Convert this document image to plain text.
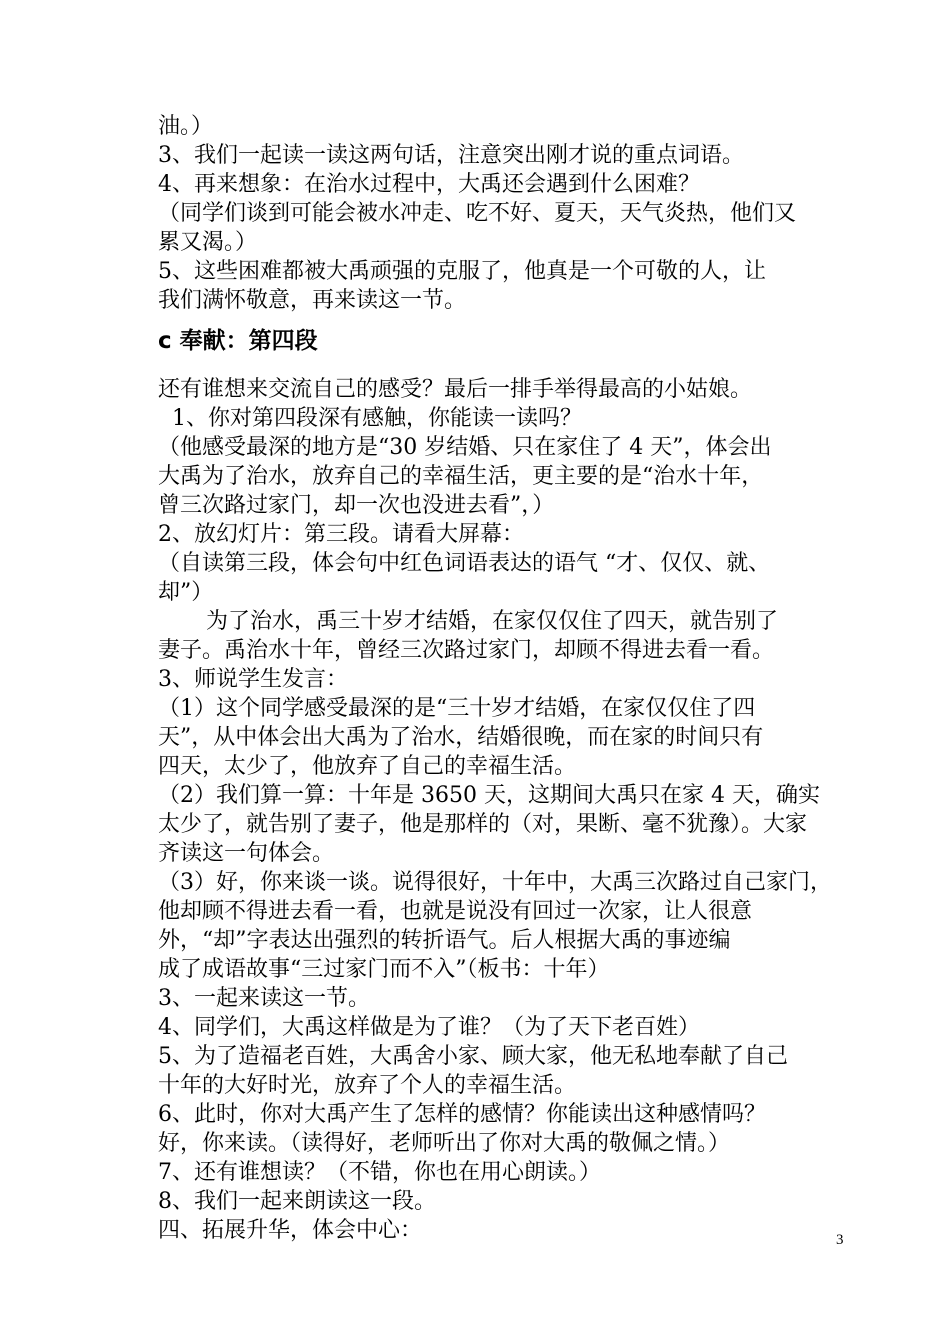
油。）
3、我们一起读一读这两句话，注意突出刚才说的重点词语。
4、再来想象：在治水过程中，大禹还会遇到什么困难？
（同学们谈到可能会被水冲走、吃不好、夏天，天气炎热，他们又
累又渴。）
5、这些困难都被大禹顽强的克服了，他真是一个可敬的人，让
我们满怀敬意，再来读这一节。
c 奉献：第四段
还有谁想来交流自己的感受？最后一排手举得最高的小姑娘。
1、你对第四段深有感触，你能读一读吗？
（他感受最深的地方是“30 岁结婚、只在家住了 4 天”，体会出
大禹为了治水，放弃自己的幸福生活，更主要的是“治水十年，
曾三次路过家门，却一次也没进去看”，）
2、放幻灯片：第三段。请看大屏幕：
（自读第三段，体会句中红色词语表达的语气 “才、仅仅、就、
却”）
为了治水，禹三十岁才结婚，在家仅仅住了四天，就告别了
妻子。禹治水十年，曾经三次路过家门，却顾不得进去看一看。
3、师说学生发言：
（1）这个同学感受最深的是“三十岁才结婚，在家仅仅住了四
天”，从中体会出大禹为了治水，结婚很晚，而在家的时间只有
四天，太少了，他放弃了自己的幸福生活。
（2）我们算一算：十年是 3650 天，这期间大禹只在家 4 天，确实
太少了，就告别了妻子，他是那样的（对，果断、毫不犹豫）。大家
齐读这一句体会。
（3）好，你来谈一谈。说得很好，十年中，大禹三次路过自己家门，
他却顾不得进去看一看，也就是说没有回过一次家，让人很意
外，“却”字表达出强烈的转折语气。后人根据大禹的事迹编
成了成语故事“三过家门而不入”（板书：十年）
3、一起来读这一节。
4、同学们，大禹这样做是为了谁？（为了天下老百姓）
5、为了造福老百姓，大禹舍小家、顾大家，他无私地奉献了自己
十年的大好时光，放弃了个人的幸福生活。
6、此时，你对大禹产生了怎样的感情？你能读出这种感情吗？
好，你来读。（读得好，老师听出了你对大禹的敬佩之情。）
7、还有谁想读？（不错，你也在用心朗读。）
8、我们一起来朗读这一段。
四、拓展升华，体会中心：	3
